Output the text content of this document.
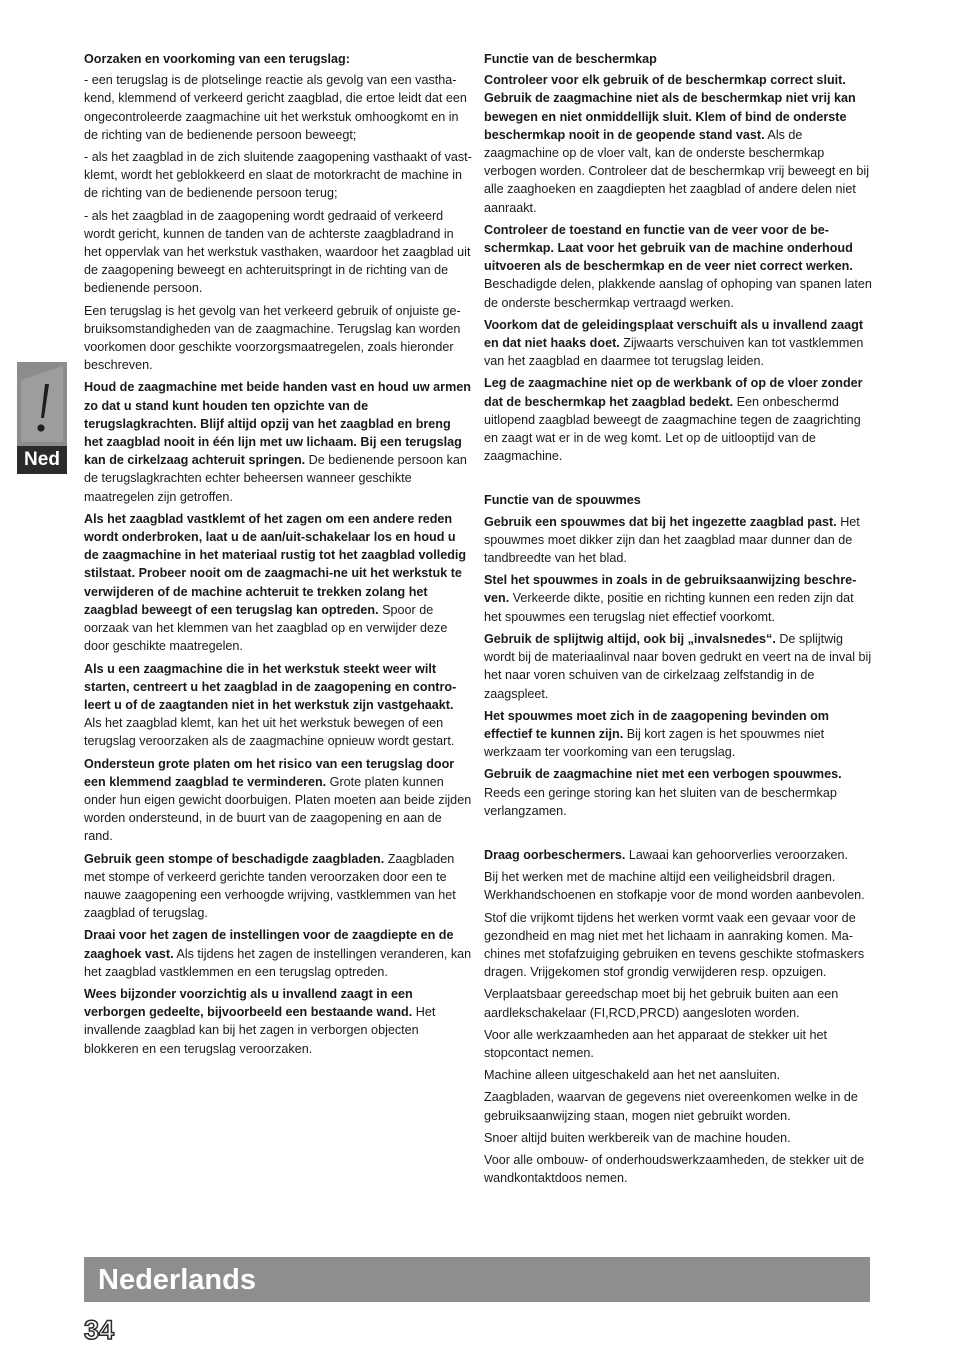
Ned

Oorzaken en voorkoming van een terugslag:

- een terugslag is de plotselinge reactie als gevolg van een vastha-kend, klemmend of verkeerd gericht zaagblad, die ertoe leidt dat een ongecontroleerde zaagmachine uit het werkstuk omhoogkomt en in de richting van de bedienende persoon beweegt;

- als het zaagblad in de zich sluitende zaagopening vasthaakt of vast-klemt, wordt het geblokkeerd en slaat de motorkracht de machine in de richting van de bedienende persoon terug;

- als het zaagblad in de zaagopening wordt gedraaid of verkeerd wordt gericht, kunnen de tanden van de achterste zaagbladrand in het oppervlak van het werkstuk vasthaken, waardoor het zaagblad uit de zaagopening beweegt en achteruitspringt in de richting van de bedienende persoon.

Een terugslag is het gevolg van het verkeerd gebruik of onjuiste ge-bruiksomstandigheden van de zaagmachine. Terugslag kan worden voorkomen door geschikte voorzorgsmaatregelen, zoals hieronder beschreven.

Houd de zaagmachine met beide handen vast en houd uw armen zo dat u stand kunt houden ten opzichte van de terugslagkrachten. Blijf altijd opzij van het zaagblad en breng het zaagblad nooit in één lijn met uw lichaam. Bij een terugslag kan de cirkelzaag achteruit springen. De bedienende persoon kan de terugslagkrachten echter beheersen wanneer geschikte maatregelen zijn getroffen.

Als het zaagblad vastklemt of het zagen om een andere reden wordt onderbroken, laat u de aan/uit-schakelaar los en houd u de zaagmachine in het materiaal rustig tot het zaagblad volledig stilstaat. Probeer nooit om de zaagmachi-ne uit het werkstuk te verwijderen of de machine achteruit te trekken zolang het zaagblad beweegt of een terugslag kan optreden. Spoor de oorzaak van het klemmen van het zaagblad op en verwijder deze door geschikte maatregelen.

Als u een zaagmachine die in het werkstuk steekt weer wilt starten, centreert u het zaagblad in de zaagopening en contro-leert u of de zaagtanden niet in het werkstuk zijn vastgehaakt. Als het zaagblad klemt, kan het uit het werkstuk bewegen of een terugslag veroorzaken als de zaagmachine opnieuw wordt gestart.

Ondersteun grote platen om het risico van een terugslag door een klemmend zaagblad te verminderen. Grote platen kunnen onder hun eigen gewicht doorbuigen. Platen moeten aan beide zijden worden ondersteund, in de buurt van de zaagopening en aan de rand.

Gebruik geen stompe of beschadigde zaagbladen. Zaagbladen met stompe of verkeerd gerichte tanden veroorzaken door een te nauwe zaagopening een verhoogde wrijving, vastklemmen van het zaagblad of terugslag.

Draai voor het zagen de instellingen voor de zaagdiepte en de zaaghoek vast. Als tijdens het zagen de instellingen veranderen, kan het zaagblad vastklemmen en een terugslag optreden.

Wees bijzonder voorzichtig als u invallend zaagt in een verborgen gedeelte, bijvoorbeeld een bestaande wand. Het invallende zaagblad kan bij het zagen in verborgen objecten blokkeren en een terugslag veroorzaken.

Functie van de beschermkap

Controleer voor elk gebruik of de beschermkap correct sluit. Gebruik de zaagmachine niet als de beschermkap niet vrij kan bewegen en niet onmiddellijk sluit. Klem of bind de onderste beschermkap nooit in de geopende stand vast. Als de zaagmachine op de vloer valt, kan de onderste beschermkap verbogen worden. Controleer dat de beschermkap vrij beweegt en bij alle zaaghoeken en zaagdiepten het zaagblad of andere delen niet aanraakt.

Controleer de toestand en functie van de veer voor de be-schermkap. Laat voor het gebruik van de machine onderhoud uitvoeren als de beschermkap en de veer niet correct werken. Beschadigde delen, plakkende aanslag of ophoping van spanen laten de onderste beschermkap vertraagd werken.

Voorkom dat de geleidingsplaat verschuift als u invallend zaagt en dat niet haaks doet. Zijwaarts verschuiven kan tot vastklemmen van het zaagblad en daarmee tot terugslag leiden.

Leg de zaagmachine niet op de werkbank of op de vloer zonder dat de beschermkap het zaagblad bedekt. Een onbeschermd uitlopend zaagblad beweegt de zaagmachine tegen de zaagrichting en zaagt wat er in de weg komt. Let op de uitlooptijd van de zaagmachine.

Functie van de spouwmes

Gebruik een spouwmes dat bij het ingezette zaagblad past. Het spouwmes moet dikker zijn dan het zaagblad maar dunner dan de tandbreedte van het blad.

Stel het spouwmes in zoals in de gebruiksaanwijzing beschre-ven. Verkeerde dikte, positie en richting kunnen een reden zijn dat het spouwmes een terugslag niet effectief voorkomt.

Gebruik de splijtwig altijd, ook bij „invalsnedes“. De splijtwig wordt bij de materiaalinval naar boven gedrukt en veert na de inval bij het naar voren schuiven van de cirkelzaag zelfstandig in de zaagspleet.

Het spouwmes moet zich in de zaagopening bevinden om effectief te kunnen zijn. Bij kort zagen is het spouwmes niet werkzaam ter voorkoming van een terugslag.

Gebruik de zaagmachine niet met een verbogen spouwmes. Reeds een geringe storing kan het sluiten van de beschermkap verlangzamen.

Draag oorbeschermers. Lawaai kan gehoorverlies veroorzaken.

Bij het werken met de machine altijd een veiligheidsbril dragen. Werkhandschoenen en stofkapje voor de mond worden aanbevolen.

Stof die vrijkomt tijdens het werken vormt vaak een gevaar voor de gezondheid en mag niet met het lichaam in aanraking komen. Ma-chines met stofafzuiging gebruiken en tevens geschikte stofmaskers dragen. Vrijgekomen stof grondig verwijderen resp. opzuigen.

Verplaatsbaar gereedschap moet bij het gebruik buiten aan een aardlekschakelaar (FI,RCD,PRCD) aangesloten worden.

Voor alle werkzaamheden aan het apparaat de stekker uit het stopcontact nemen.

Machine alleen uitgeschakeld aan het net aansluiten.

Zaagbladen, waarvan de gegevens niet overeenkomen welke in de gebruiksaanwijzing staan, mogen niet gebruikt worden.

Snoer altijd buiten werkbereik van de machine houden.

Voor alle ombouw- of onderhoudswerkzaamheden, de stekker uit de wandkontaktdoos nemen.

Nederlands
34
